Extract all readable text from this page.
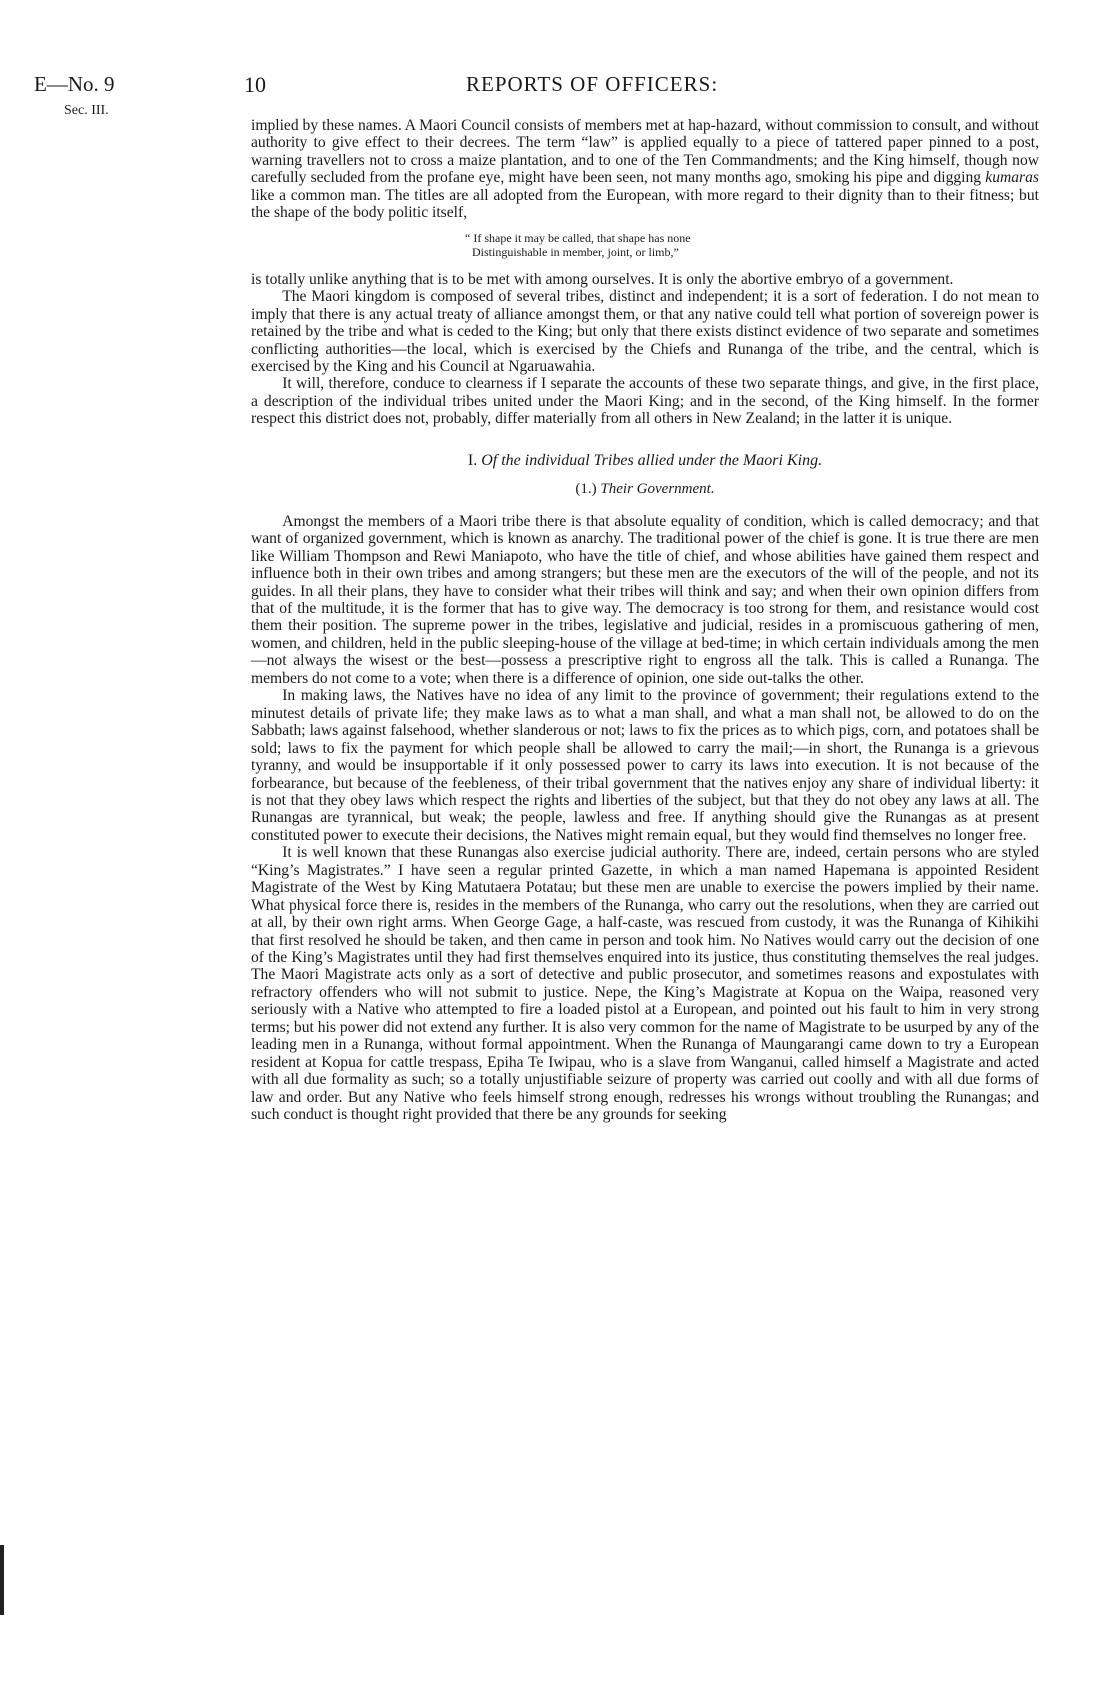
E—No. 9
Sec. III.
10	REPORTS OF OFFICERS:

implied by these names. A Maori Council consists of members met at hap-hazard, without commission to consult, and without authority to give effect to their decrees. The term “law” is applied equally to a piece of tattered paper pinned to a post, warning travellers not to cross a maize plantation, and to one of the Ten Commandments; and the King himself, though now carefully secluded from the profane eye, might have been seen, not many months ago, smoking his pipe and digging kumaras like a common man. The titles are all adopted from the European, with more regard to their dignity than to their fitness; but the shape of the body politic itself,

“ If shape it may be called, that shape has none
Distinguishable in member, joint, or limb,”

is totally unlike anything that is to be met with among ourselves. It is only the abortive embryo of a government.

The Maori kingdom is composed of several tribes, distinct and independent; it is a sort of federation. I do not mean to imply that there is any actual treaty of alliance amongst them, or that any native could tell what portion of sovereign power is retained by the tribe and what is ceded to the King; but only that there exists distinct evidence of two separate and sometimes conflicting authorities—the local, which is exercised by the Chiefs and Runanga of the tribe, and the central, which is exercised by the King and his Council at Ngaruawahia.

It will, therefore, conduce to clearness if I separate the accounts of these two separate things, and give, in the first place, a description of the individual tribes united under the Maori King; and in the second, of the King himself. In the former respect this district does not, probably, differ materially from all others in New Zealand; in the latter it is unique.

I. Of the individual Tribes allied under the Maori King.
(1.) Their Government.

Amongst the members of a Maori tribe there is that absolute equality of condition, which is called democracy; and that want of organized government, which is known as anarchy. The traditional power of the chief is gone. It is true there are men like William Thompson and Rewi Maniapoto, who have the title of chief, and whose abilities have gained them respect and influence both in their own tribes and among strangers; but these men are the executors of the will of the people, and not its guides. In all their plans, they have to consider what their tribes will think and say; and when their own opinion differs from that of the multitude, it is the former that has to give way. The democracy is too strong for them, and resistance would cost them their position. The supreme power in the tribes, legislative and judicial, resides in a promiscuous gathering of men, women, and children, held in the public sleeping-house of the village at bed-time; in which certain individuals among the men—not always the wisest or the best—possess a prescriptive right to engross all the talk. This is called a Runanga. The members do not come to a vote; when there is a difference of opinion, one side out-talks the other.

In making laws, the Natives have no idea of any limit to the province of government; their regulations extend to the minutest details of private life; they make laws as to what a man shall, and what a man shall not, be allowed to do on the Sabbath; laws against falsehood, whether slanderous or not; laws to fix the prices as to which pigs, corn, and potatoes shall be sold; laws to fix the payment for which people shall be allowed to carry the mail;—in short, the Runanga is a grievous tyranny, and would be insupportable if it only possessed power to carry its laws into execution. It is not because of the forbearance, but because of the feebleness, of their tribal government that the natives enjoy any share of individual liberty: it is not that they obey laws which respect the rights and liberties of the subject, but that they do not obey any laws at all. The Runangas are tyrannical, but weak; the people, lawless and free. If anything should give the Runangas as at present constituted power to execute their decisions, the Natives might remain equal, but they would find themselves no longer free.

It is well known that these Runangas also exercise judicial authority. There are, indeed, certain persons who are styled “King’s Magistrates.” I have seen a regular printed Gazette, in which a man named Hapemana is appointed Resident Magistrate of the West by King Matutaera Potatau; but these men are unable to exercise the powers implied by their name. What physical force there is, resides in the members of the Runanga, who carry out the resolutions, when they are carried out at all, by their own right arms. When George Gage, a half-caste, was rescued from custody, it was the Runanga of Kihikihi that first resolved he should be taken, and then came in person and took him. No Natives would carry out the decision of one of the King’s Magistrates until they had first themselves enquired into its justice, thus constituting themselves the real judges. The Maori Magistrate acts only as a sort of detective and public prosecutor, and sometimes reasons and expostulates with refractory offenders who will not submit to justice. Nepe, the King’s Magistrate at Kopua on the Waipa, reasoned very seriously with a Native who attempted to fire a loaded pistol at a European, and pointed out his fault to him in very strong terms; but his power did not extend any further. It is also very common for the name of Magistrate to be usurped by any of the leading men in a Runanga, without formal appointment. When the Runanga of Maungarangi came down to try a European resident at Kopua for cattle trespass, Epiha Te Iwipau, who is a slave from Wanganui, called himself a Magistrate and acted with all due formality as such; so a totally unjustifiable seizure of property was carried out coolly and with all due forms of law and order. But any Native who feels himself strong enough, redresses his wrongs without troubling the Runangas; and such conduct is thought right provided that there be any grounds for seeking
